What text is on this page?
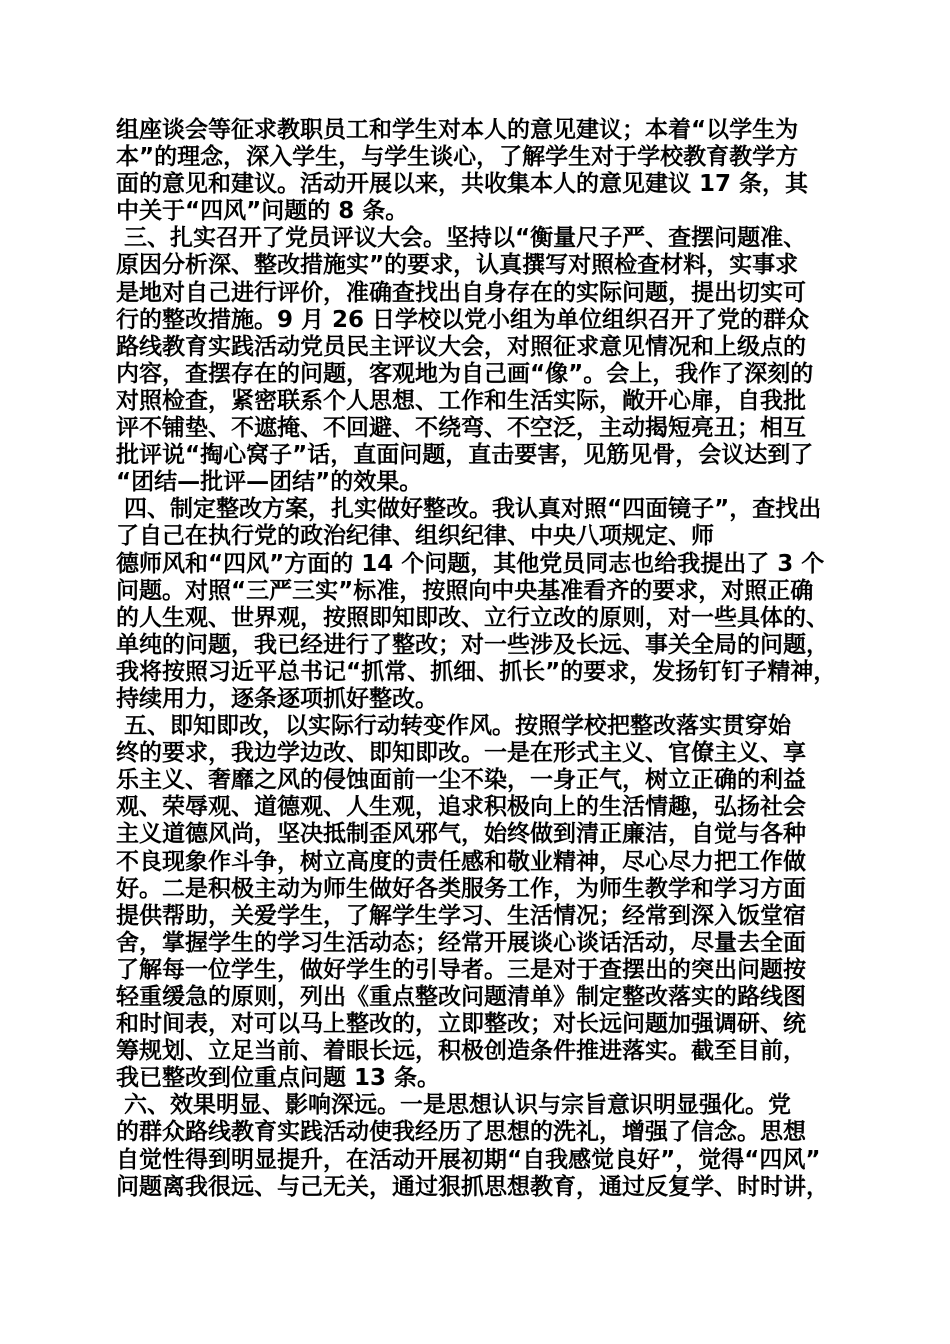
组座谈会等征求教职员工和学生对本人的意见建议；本着“以学生为
本”的理念，深入学生，与学生谈心，了解学生对于学校教育教学方
面的意见和建议。活动开展以来，共收集本人的意见建议 17 条，其
中关于“四风”问题的 8 条。
三、扎实召开了党员评议大会。坚持以“衡量尺子严、查摆问题准、
原因分析深、整改措施实”的要求，认真撰写对照检查材料，实事求
是地对自己进行评价，准确查找出自身存在的实际问题，提出切实可
行的整改措施。9 月 26 日学校以党小组为单位组织召开了党的群众
路线教育实践活动党员民主评议大会，对照征求意见情况和上级点的
内容，查摆存在的问题，客观地为自己画“像”。会上，我作了深刻的
对照检查，紧密联系个人思想、工作和生活实际，敞开心扉，自我批
评不铺垫、不遮掩、不回避、不绕弯、不空泛，主动揭短亮丑；相互
批评说“掏心窝子”话，直面问题，直击要害，见筋见骨，会议达到了
“团结—批评—团结”的效果。
四、制定整改方案，扎实做好整改。我认真对照“四面镜子”，查找出
了自己在执行党的政治纪律、组织纪律、中央八项规定、师
德师风和“四风”方面的 14 个问题，其他党员同志也给我提出了 3 个
问题。对照“三严三实”标准，按照向中央基准看齐的要求，对照正确
的人生观、世界观，按照即知即改、立行立改的原则，对一些具体的、
单纯的问题，我已经进行了整改；对一些涉及长远、事关全局的问题，
我将按照习近平总书记“抓常、抓细、抓长”的要求，发扬钉钉子精神，
持续用力，逐条逐项抓好整改。
五、即知即改，以实际行动转变作风。按照学校把整改落实贯穿始
终的要求，我边学边改、即知即改。一是在形式主义、官僚主义、享
乐主义、奢靡之风的侵蚀面前一尘不染，一身正气，树立正确的利益
观、荣辱观、道德观、人生观，追求积极向上的生活情趣，弘扬社会
主义道德风尚，坚决抵制歪风邪气，始终做到清正廉洁，自觉与各种
不良现象作斗争，树立高度的责任感和敬业精神，尽心尽力把工作做
好。二是积极主动为师生做好各类服务工作，为师生教学和学习方面
提供帮助，关爱学生，了解学生学习、生活情况；经常到深入饭堂宿
舍，掌握学生的学习生活动态；经常开展谈心谈话活动，尽量去全面
了解每一位学生，做好学生的引导者。三是对于查摆出的突出问题按
轻重缓急的原则，列出《重点整改问题清单》制定整改落实的路线图
和时间表，对可以马上整改的，立即整改；对长远问题加强调研、统
筹规划、立足当前、着眼长远，积极创造条件推进落实。截至目前，
我已整改到位重点问题 13 条。
六、效果明显、影响深远。一是思想认识与宗旨意识明显强化。党
的群众路线教育实践活动使我经历了思想的洗礼，增强了信念。思想
自觉性得到明显提升，在活动开展初期“自我感觉良好”，觉得“四风”
问题离我很远、与己无关，通过狠抓思想教育，通过反复学、时时讲，
